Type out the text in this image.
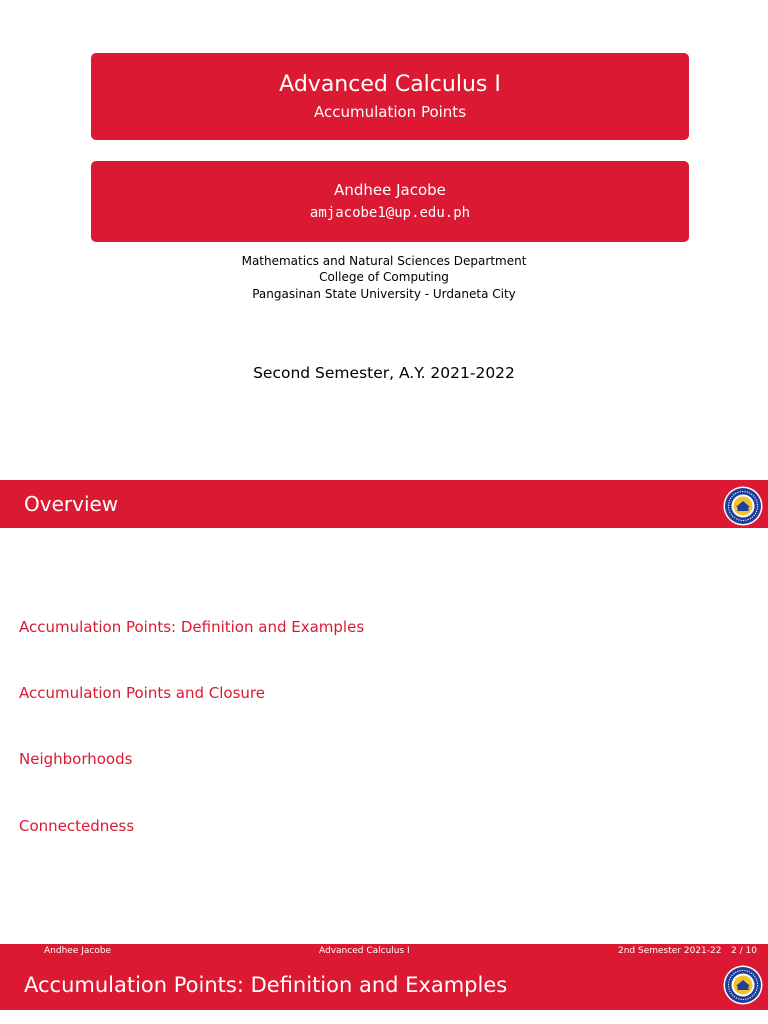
Advanced Calculus I
Accumulation Points
Andhee Jacobe
amjacobe1@up.edu.ph
Mathematics and Natural Sciences Department
College of Computing
Pangasinan State University - Urdaneta City
Second Semester, A.Y. 2021-2022
Overview
Accumulation Points: Definition and Examples
Accumulation Points and Closure
Neighborhoods
Connectedness
Andhee Jacobe	Advanced Calculus I	2nd Semester 2021-22 2 / 10
Accumulation Points: Definition and Examples
